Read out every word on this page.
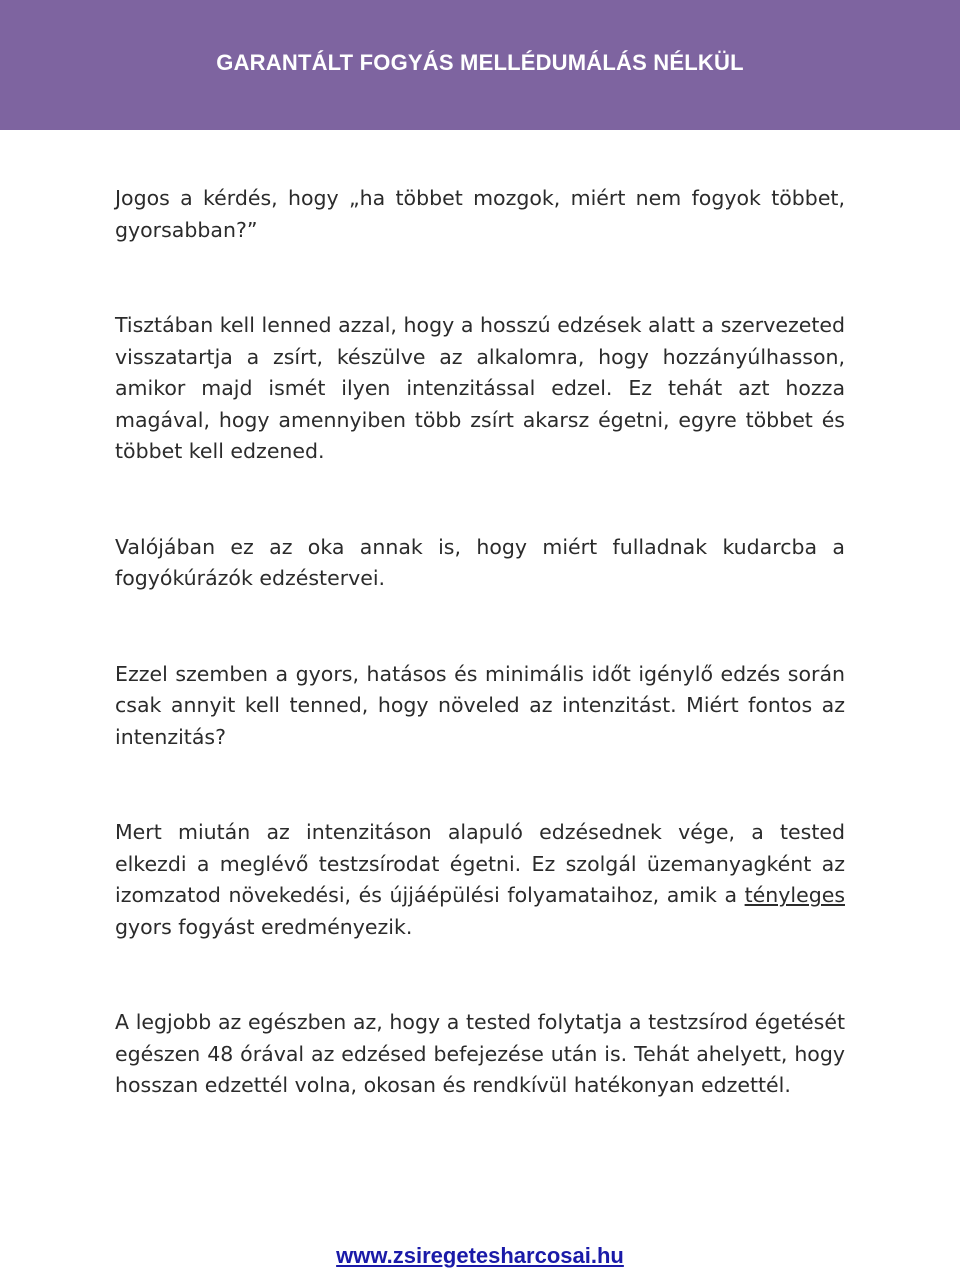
GARANTÁLT FOGYÁS MELLÉDUMÁLÁS NÉLKÜL

Jogos a kérdés, hogy „ha többet mozgok, miért nem fogyok többet, gyorsabban?”

Tisztában kell lenned azzal, hogy a hosszú edzések alatt a szervezeted visszatartja a zsírt, készülve az alkalomra, hogy hozzányúlhasson, amikor majd ismét ilyen intenzitással edzel. Ez tehát azt hozza magával, hogy amennyiben több zsírt akarsz égetni, egyre többet és többet kell edzened.

Valójában ez az oka annak is, hogy miért fulladnak kudarcba a fogyókúrázók edzéstervei.

Ezzel szemben a gyors, hatásos és minimális időt igénylő edzés során csak annyit kell tenned, hogy növeled az intenzitást. Miért fontos az intenzitás?

Mert miután az intenzitáson alapuló edzésednek vége, a tested elkezdi a meglévő testzsírodat égetni. Ez szolgál üzemanyagként az izomzatod növekedési, és újjáépülési folyamataihoz, amik a tényleges gyors fogyást eredményezik.

A legjobb az egészben az, hogy a tested folytatja a testzsírod égetését egészen 48 órával az edzésed befejezése után is. Tehát ahelyett, hogy hosszan edzettél volna, okosan és rendkívül hatékonyan edzettél.

www.zsiregetesharcosai.hu
